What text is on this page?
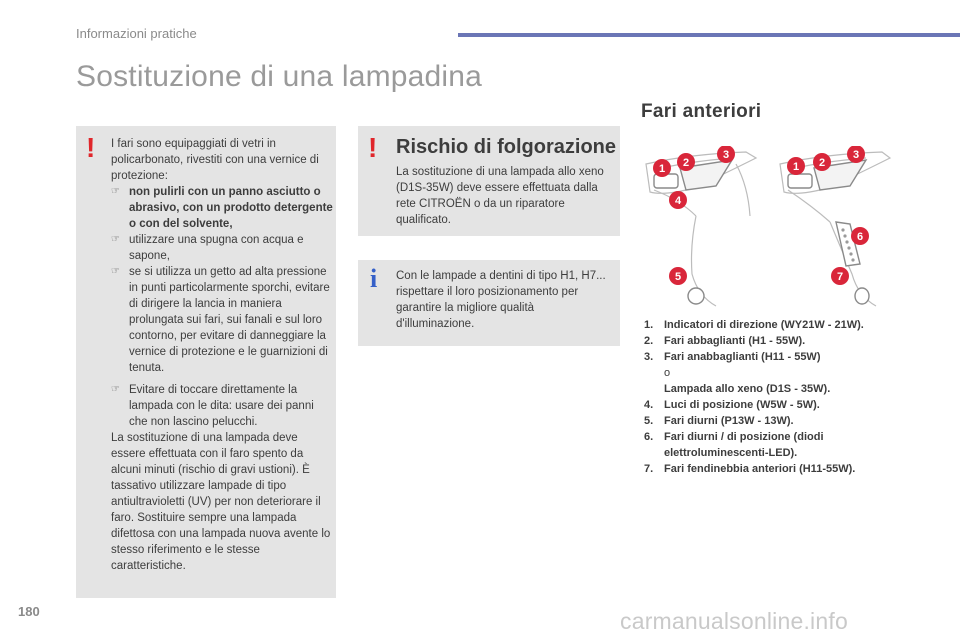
Informazioni pratiche
Sostituzione di una lampadina
! I fari sono equipaggiati di vetri in policarbonato, rivestiti con una vernice di protezione:
☞ non pulirli con un panno asciutto o abrasivo, con un prodotto detergente o con del solvente,
☞ utilizzare una spugna con acqua e sapone,
☞ se si utilizza un getto ad alta pressione in punti particolarmente sporchi, evitare di dirigere la lancia in maniera prolungata sui fari, sui fanali e sul loro contorno, per evitare di danneggiare la vernice di protezione e le guarnizioni di tenuta.
☞ Evitare di toccare direttamente la lampada con le dita: usare dei panni che non lascino pelucchi.
La sostituzione di una lampada deve essere effettuata con il faro spento da alcuni minuti (rischio di gravi ustioni). È tassativo utilizzare lampade di tipo antiultravioletti (UV) per non deteriorare il faro. Sostituire sempre una lampada difettosa con una lampada nuova avente lo stesso riferimento e le stesse caratteristiche.
! Rischio di folgorazione
La sostituzione di una lampada allo xeno (D1S-35W) deve essere effettuata dalla rete CITROËN o da un riparatore qualificato.
i Con le lampade a dentini di tipo H1, H7... rispettare il loro posizionamento per garantire la migliore qualità d'illuminazione.
Fari anteriori
1 2
3
4
5
1 2
3
6
7
1. Indicatori di direzione (WY21W - 21W).
2. Fari abbaglianti (H1 - 55W).
3. Fari anabbaglianti (H11 - 55W)
o
Lampada allo xeno (D1S - 35W).
4. Luci di posizione (W5W - 5W).
5. Fari diurni (P13W - 13W).
6. Fari diurni / di posizione (diodi elettroluminescenti-LED).
7. Fari fendinebbia anteriori (H11-55W).
180	carmanualsonline.info
